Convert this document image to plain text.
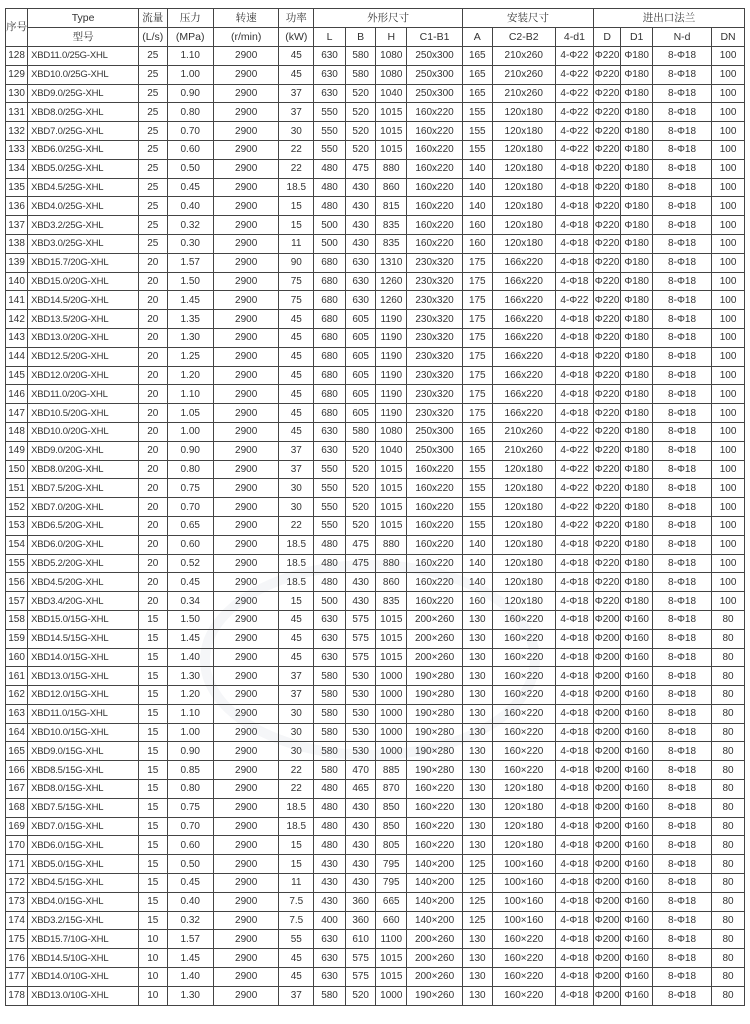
序号	Type	流量	压力	转速	功率	外形尺寸				安装尺寸			进出口法兰			
	型号	(L/s)	(MPa)	(r/min)	(kW)	L	B	H	C1-B1	A	C2-B2	4-d1	D	D1	N-d	DN
128	XBD11.0/25G-XHL	25	1.10	2900	45	630	580	1080	250x300	165	210x260	4-Φ22	Φ220	Φ180	8-Φ18	100
129	XBD10.0/25G-XHL	25	1.00	2900	45	630	580	1080	250x300	165	210x260	4-Φ22	Φ220	Φ180	8-Φ18	100
130	XBD9.0/25G-XHL	25	0.90	2900	37	630	520	1040	250x300	165	210x260	4-Φ22	Φ220	Φ180	8-Φ18	100
131	XBD8.0/25G-XHL	25	0.80	2900	37	550	520	1015	160x220	155	120x180	4-Φ22	Φ220	Φ180	8-Φ18	100
132	XBD7.0/25G-XHL	25	0.70	2900	30	550	520	1015	160x220	155	120x180	4-Φ22	Φ220	Φ180	8-Φ18	100
133	XBD6.0/25G-XHL	25	0.60	2900	22	550	520	1015	160x220	155	120x180	4-Φ22	Φ220	Φ180	8-Φ18	100
134	XBD5.0/25G-XHL	25	0.50	2900	22	480	475	880	160x220	140	120x180	4-Φ18	Φ220	Φ180	8-Φ18	100
135	XBD4.5/25G-XHL	25	0.45	2900	18.5	480	430	860	160x220	140	120x180	4-Φ18	Φ220	Φ180	8-Φ18	100
136	XBD4.0/25G-XHL	25	0.40	2900	15	480	430	815	160x220	140	120x180	4-Φ18	Φ220	Φ180	8-Φ18	100
137	XBD3.2/25G-XHL	25	0.32	2900	15	500	430	835	160x220	160	120x180	4-Φ18	Φ220	Φ180	8-Φ18	100
138	XBD3.0/25G-XHL	25	0.30	2900	11	500	430	835	160x220	160	120x180	4-Φ18	Φ220	Φ180	8-Φ18	100
139	XBD15.7/20G-XHL	20	1.57	2900	90	680	630	1310	230x320	175	166x220	4-Φ18	Φ220	Φ180	8-Φ18	100
140	XBD15.0/20G-XHL	20	1.50	2900	75	680	630	1260	230x320	175	166x220	4-Φ18	Φ220	Φ180	8-Φ18	100
141	XBD14.5/20G-XHL	20	1.45	2900	75	680	630	1260	230x320	175	166x220	4-Φ22	Φ220	Φ180	8-Φ18	100
142	XBD13.5/20G-XHL	20	1.35	2900	45	680	605	1190	230x320	175	166x220	4-Φ18	Φ220	Φ180	8-Φ18	100
143	XBD13.0/20G-XHL	20	1.30	2900	45	680	605	1190	230x320	175	166x220	4-Φ18	Φ220	Φ180	8-Φ18	100
144	XBD12.5/20G-XHL	20	1.25	2900	45	680	605	1190	230x320	175	166x220	4-Φ18	Φ220	Φ180	8-Φ18	100
145	XBD12.0/20G-XHL	20	1.20	2900	45	680	605	1190	230x320	175	166x220	4-Φ18	Φ220	Φ180	8-Φ18	100
146	XBD11.0/20G-XHL	20	1.10	2900	45	680	605	1190	230x320	175	166x220	4-Φ18	Φ220	Φ180	8-Φ18	100
147	XBD10.5/20G-XHL	20	1.05	2900	45	680	605	1190	230x320	175	166x220	4-Φ18	Φ220	Φ180	8-Φ18	100
148	XBD10.0/20G-XHL	20	1.00	2900	45	630	580	1080	250x300	165	210x260	4-Φ22	Φ220	Φ180	8-Φ18	100
149	XBD9.0/20G-XHL	20	0.90	2900	37	630	520	1040	250x300	165	210x260	4-Φ22	Φ220	Φ180	8-Φ18	100
150	XBD8.0/20G-XHL	20	0.80	2900	37	550	520	1015	160x220	155	120x180	4-Φ22	Φ220	Φ180	8-Φ18	100
151	XBD7.5/20G-XHL	20	0.75	2900	30	550	520	1015	160x220	155	120x180	4-Φ22	Φ220	Φ180	8-Φ18	100
152	XBD7.0/20G-XHL	20	0.70	2900	30	550	520	1015	160x220	155	120x180	4-Φ22	Φ220	Φ180	8-Φ18	100
153	XBD6.5/20G-XHL	20	0.65	2900	22	550	520	1015	160x220	155	120x180	4-Φ22	Φ220	Φ180	8-Φ18	100
154	XBD6.0/20G-XHL	20	0.60	2900	18.5	480	475	880	160x220	140	120x180	4-Φ18	Φ220	Φ180	8-Φ18	100
155	XBD5.2/20G-XHL	20	0.52	2900	18.5	480	475	880	160x220	140	120x180	4-Φ18	Φ220	Φ180	8-Φ18	100
156	XBD4.5/20G-XHL	20	0.45	2900	18.5	480	430	860	160x220	140	120x180	4-Φ18	Φ220	Φ180	8-Φ18	100
157	XBD3.4/20G-XHL	20	0.34	2900	15	500	430	835	160x220	160	120x180	4-Φ18	Φ220	Φ180	8-Φ18	100
158	XBD15.0/15G-XHL	15	1.50	2900	45	630	575	1015	200×260	130	160×220	4-Φ18	Φ200	Φ160	8-Φ18	80
159	XBD14.5/15G-XHL	15	1.45	2900	45	630	575	1015	200×260	130	160×220	4-Φ18	Φ200	Φ160	8-Φ18	80
160	XBD14.0/15G-XHL	15	1.40	2900	45	630	575	1015	200×260	130	160×220	4-Φ18	Φ200	Φ160	8-Φ18	80
161	XBD13.0/15G-XHL	15	1.30	2900	37	580	530	1000	190×280	130	160×220	4-Φ18	Φ200	Φ160	8-Φ18	80
162	XBD12.0/15G-XHL	15	1.20	2900	37	580	530	1000	190×280	130	160×220	4-Φ18	Φ200	Φ160	8-Φ18	80
163	XBD11.0/15G-XHL	15	1.10	2900	30	580	530	1000	190×280	130	160×220	4-Φ18	Φ200	Φ160	8-Φ18	80
164	XBD10.0/15G-XHL	15	1.00	2900	30	580	530	1000	190×280	130	160×220	4-Φ18	Φ200	Φ160	8-Φ18	80
165	XBD9.0/15G-XHL	15	0.90	2900	30	580	530	1000	190×280	130	160×220	4-Φ18	Φ200	Φ160	8-Φ18	80
166	XBD8.5/15G-XHL	15	0.85	2900	22	580	470	885	190×280	130	160×220	4-Φ18	Φ200	Φ160	8-Φ18	80
167	XBD8.0/15G-XHL	15	0.80	2900	22	480	465	870	160×220	130	120×180	4-Φ18	Φ200	Φ160	8-Φ18	80
168	XBD7.5/15G-XHL	15	0.75	2900	18.5	480	430	850	160×220	130	120×180	4-Φ18	Φ200	Φ160	8-Φ18	80
169	XBD7.0/15G-XHL	15	0.70	2900	18.5	480	430	850	160×220	130	120×180	4-Φ18	Φ200	Φ160	8-Φ18	80
170	XBD6.0/15G-XHL	15	0.60	2900	15	480	430	805	160×220	130	120×180	4-Φ18	Φ200	Φ160	8-Φ18	80
171	XBD5.0/15G-XHL	15	0.50	2900	15	430	430	795	140×200	125	100×160	4-Φ18	Φ200	Φ160	8-Φ18	80
172	XBD4.5/15G-XHL	15	0.45	2900	11	430	430	795	140×200	125	100×160	4-Φ18	Φ200	Φ160	8-Φ18	80
173	XBD4.0/15G-XHL	15	0.40	2900	7.5	430	360	665	140×200	125	100×160	4-Φ18	Φ200	Φ160	8-Φ18	80
174	XBD3.2/15G-XHL	15	0.32	2900	7.5	400	360	660	140×200	125	100×160	4-Φ18	Φ200	Φ160	8-Φ18	80
175	XBD15.7/10G-XHL	10	1.57	2900	55	630	610	1100	200×260	130	160×220	4-Φ18	Φ200	Φ160	8-Φ18	80
176	XBD14.5/10G-XHL	10	1.45	2900	45	630	575	1015	200×260	130	160×220	4-Φ18	Φ200	Φ160	8-Φ18	80
177	XBD14.0/10G-XHL	10	1.40	2900	45	630	575	1015	200×260	130	160×220	4-Φ18	Φ200	Φ160	8-Φ18	80
178	XBD13.0/10G-XHL	10	1.30	2900	37	580	520	1000	190×260	130	160×220	4-Φ18	Φ200	Φ160	8-Φ18	80
